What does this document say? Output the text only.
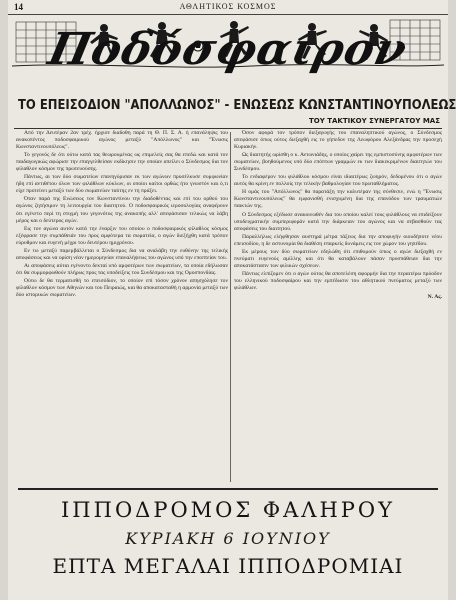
14	ΑΘΛΗΤΙΚΟΣ ΚΟΣΜΟΣ
Ποδόσφαιρον
ΤΟ ΕΠΕΙΣΟΔΙΟΝ "ΑΠΟΛΛΩΝΟΣ" - ΕΝΩΣΕΩΣ ΚΩΝΣΤΑΝΤΙΝΟΥΠΟΛΕΩΣ
ΤΟΥ ΤΑΚΤΙΚΟΥ ΣΥΝΕΡΓΑΤΟΥ ΜΑΣ

Από την Δευτέραν 2αν τρέχ. ήρχισε διαδοθη παρά τη Θ. Π. Σ. Α. ή επανάληψις του ανακοπέντος ποδοσφαιρικού αγώνος μεταξύ "Απόλλωνος" και "Ένωσις Κωνσταντινουπόλεως".

Το γεγονός δε ότι ούτω κατά τας θεωρουμένας ως επιμελείς σας θα επεδώ και κατά τον παιδαγωγικώς αφώρισε την επαγγελθείσαν εκδίκησιν την οποίαν απείλει ο Σύνδεσμος δια τον φίλαθλον κόσμον της πρωτευούσης.

Πάντως, αι των δύο σωματείων επανηγύρισαν εκ των αγώνων προσέλκυσε συμφωνίαν ήδη επί αντιθέτου όλων των φιλάθλων κύκλων, οι οποίοι καίτοι ορθώς ήτο γνωστόν και ό,τι είχε προτείνει μεταξύ των δύο σωματείων ταύτης εν τη πράξει.

Όταν παρά της Ενώσεως τον Κωνσταντίνου την διαδοθέντας και επί του ορθού του αγώνος ζητήσιμον τη λειτουργία του διαιτητού. Ο ποδοσφαιρικός ιεροσολογίας αναφέρουν ότι εγένετο περί τη στιγμή του γεγονότος της ανακοπής αλλ' απεφάσισαν τελικώς να λάβη μέρος και ο δεύτερος αγών.

Εις τον αγώνα αυτόν κατά την έναρξιν του οποίου ο ποδοσφαιρικός φίλαθλος κόσμος εξέφρασε την συμπάθειάν του προς αμφότερα τα σωματεία, ο αγών διεξήχθη κατά τρόπον εύρυθμον και ευγενή μέχρι του δευτέρου ημιχρόνου.

Εν τω μεταξύ παρεμβάλλεται ο Σύνδεσμος δια να αναλάβη την ευθύνην της τελικής αποφάσεως και να ορίση νέαν ημερομηνίαν επαναλήψεως του αγώνος υπό την εποπτείαν του.

Αι αποφάσεις αύται εγένοντο δεκταί υπό αμφοτέρων των σωματείων, τα οποία εδήλωσαν ότι θα συμμορφωθούν πλήρως προς τας υποδείξεις του Συνδέσμου και της Ομοσπονδίας.

Ούτω δε θα τερματισθή το επεισόδιον, το οποίον επί τόσον χρόνον απησχόλησε τον φίλαθλον κόσμον των Αθηνών και του Πειραιώς, και θα αποκατασταθή η αρμονία μεταξύ των δύο ιστορικών σωματείων.

Όσον αφορά τον τρόπον διεξαγωγής του επαναληπτικού αγώνος, ο Σύνδεσμος απεφάσισε όπως ούτος διεξαχθή εις το γήπεδον της Λεωφόρου Αλεξάνδρας την προσεχή Κυριακήν.

Ως διαιτητής ωρίσθη ο κ. Αντωνιάδης, ο οποίος χαίρει της εμπιστοσύνης αμφοτέρων των σωματείων, βοηθούμενος υπό δύο επόπτων γραμμών εκ των διακεκριμένων διαιτητών του Συνδέσμου.

Το ενδιαφέρον του φιλάθλου κόσμου είναι ιδιαιτέρως ζωηρόν, δεδομένου ότι ο αγών αυτός θα κρίνη εν πολλοίς την τελικήν βαθμολογίαν του πρωταθλήματος.

Η ομάς του "Απόλλωνος" θα παρατάξη την καλυτέραν της σύνθεσιν, ενώ η "Ένωσις Κωνσταντινουπόλεως" θα εμφανισθή ενισχυμένη δια της επανόδου των τραυματιών παικτών της.

Ο Σύνδεσμος εξέδωσε ανακοινωθέν δια του οποίου καλεί τους φιλάθλους να επιδείξουν υποδειγματικήν συμπεριφοράν κατά την διάρκειαν του αγώνος και να σεβασθούν τας αποφάσεις του διαιτητού.

Παραλλήλως ελήφθησαν αυστηρά μέτρα τάξεως δια την αποφυγήν οιουδήποτε νέου επεισοδίου, η δε αστυνομία θα διαθέση επαρκείς δυνάμεις εις τον χώρον του γηπέδου.

Εκ μέρους των δύο σωματείων εδηλώθη ότι επιθυμούν όπως ο αγών διεξαχθή εν πνεύματι ευγενούς αμίλλης και ότι θα καταβάλουν πάσαν προσπάθειαν δια την αποκατάστασιν των φιλικών σχέσεων.

Πάντως ελπίζομεν ότι ο αγών ούτος θα αποτελέση αφορμήν δια την περαιτέρω πρόοδον του ελληνικού ποδοσφαίρου και την εμπέδωσιν του αθλητικού πνεύματος μεταξύ των φιλάθλων.

Ν. Ας.
ΙΠΠΟΔΡΟΜΟΣ ΦΑΛΗΡΟΥ
ΚΥΡΙΑΚΗ 6 ΙΟΥΝΙΟΥ
ΕΠΤΑ ΜΕΓΑΛΑΙ ΙΠΠΟΔΡΟΜΙΑΙ
